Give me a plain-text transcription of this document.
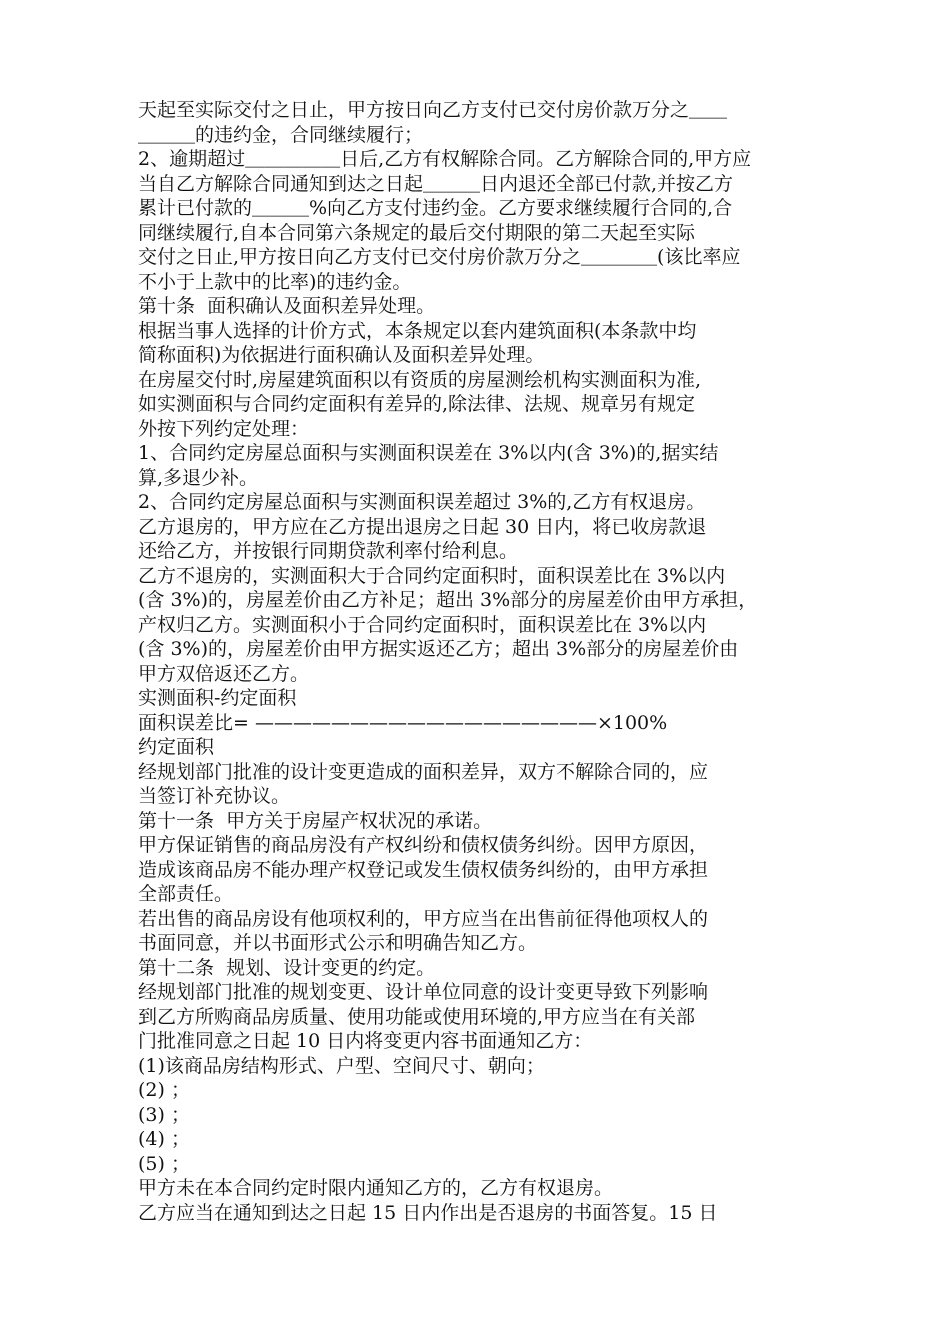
天起至实际交付之日止，甲方按日向乙方支付已交付房价款万分之＿＿
＿＿＿的违约金，合同继续履行；
2、逾期超过＿＿＿＿＿日后,乙方有权解除合同。乙方解除合同的,甲方应
当自乙方解除合同通知到达之日起＿＿＿日内退还全部已付款,并按乙方
累计已付款的＿＿＿%向乙方支付违约金。乙方要求继续履行合同的,合
同继续履行,自本合同第六条规定的最后交付期限的第二天起至实际
交付之日止,甲方按日向乙方支付已交付房价款万分之＿＿＿＿(该比率应
不小于上款中的比率)的违约金。
第十条  面积确认及面积差异处理。
根据当事人选择的计价方式，本条规定以套内建筑面积(本条款中均
简称面积)为依据进行面积确认及面积差异处理。
在房屋交付时,房屋建筑面积以有资质的房屋测绘机构实测面积为准,
如实测面积与合同约定面积有差异的,除法律、法规、规章另有规定
外按下列约定处理：
1、合同约定房屋总面积与实测面积误差在 3%以内(含 3%)的,据实结
算,多退少补。
2、合同约定房屋总面积与实测面积误差超过 3%的,乙方有权退房。
乙方退房的，甲方应在乙方提出退房之日起 30 日内，将已收房款退
还给乙方，并按银行同期贷款利率付给利息。
乙方不退房的，实测面积大于合同约定面积时，面积误差比在 3%以内
(含 3%)的，房屋差价由乙方补足；超出 3%部分的房屋差价由甲方承担，
产权归乙方。实测面积小于合同约定面积时，面积误差比在 3%以内
(含 3%)的，房屋差价由甲方据实返还乙方；超出 3%部分的房屋差价由
甲方双倍返还乙方。
实测面积-约定面积
面积误差比= ——————————————————×100%
约定面积
经规划部门批准的设计变更造成的面积差异，双方不解除合同的，应
当签订补充协议。
第十一条  甲方关于房屋产权状况的承诺。
甲方保证销售的商品房没有产权纠纷和债权债务纠纷。因甲方原因，
造成该商品房不能办理产权登记或发生债权债务纠纷的，由甲方承担
全部责任。
若出售的商品房设有他项权利的，甲方应当在出售前征得他项权人的
书面同意，并以书面形式公示和明确告知乙方。
第十二条  规划、设计变更的约定。
经规划部门批准的规划变更、设计单位同意的设计变更导致下列影响
到乙方所购商品房质量、使用功能或使用环境的,甲方应当在有关部
门批准同意之日起 10 日内将变更内容书面通知乙方：
(1)该商品房结构形式、户型、空间尺寸、朝向；
(2) ；
(3) ；
(4) ；
(5) ；
甲方未在本合同约定时限内通知乙方的，乙方有权退房。
乙方应当在通知到达之日起 15 日内作出是否退房的书面答复。15 日
